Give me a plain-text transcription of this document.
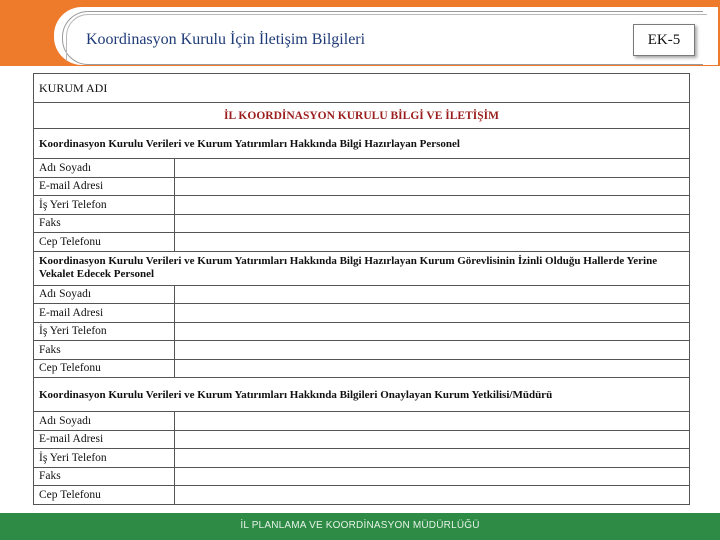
Koordinasyon Kurulu İçin İletişim Bilgileri	EK-5
KURUM ADI	
İL KOORDİNASYON KURULU BİLGİ VE İLETİŞİM	
Koordinasyon Kurulu Verileri ve Kurum Yatırımları Hakkında Bilgi Hazırlayan Personel	
Adı Soyadı	
E-mail Adresi	
İş Yeri Telefon	
Faks	
Cep Telefonu	
Koordinasyon Kurulu Verileri ve Kurum Yatırımları Hakkında Bilgi Hazırlayan Kurum Görevlisinin İzinli Olduğu Hallerde Yerine Vekalet Edecek Personel	
Adı Soyadı	
E-mail Adresi	
İş Yeri Telefon	
Faks	
Cep Telefonu	
Koordinasyon Kurulu Verileri ve Kurum Yatırımları Hakkında Bilgileri Onaylayan Kurum Yetkilisi/Müdürü	
Adı Soyadı	
E-mail Adresi	
İş Yeri Telefon	
Faks	
Cep Telefonu	
İL PLANLAMA VE KOORDİNASYON MÜDÜRLÜĞÜ
